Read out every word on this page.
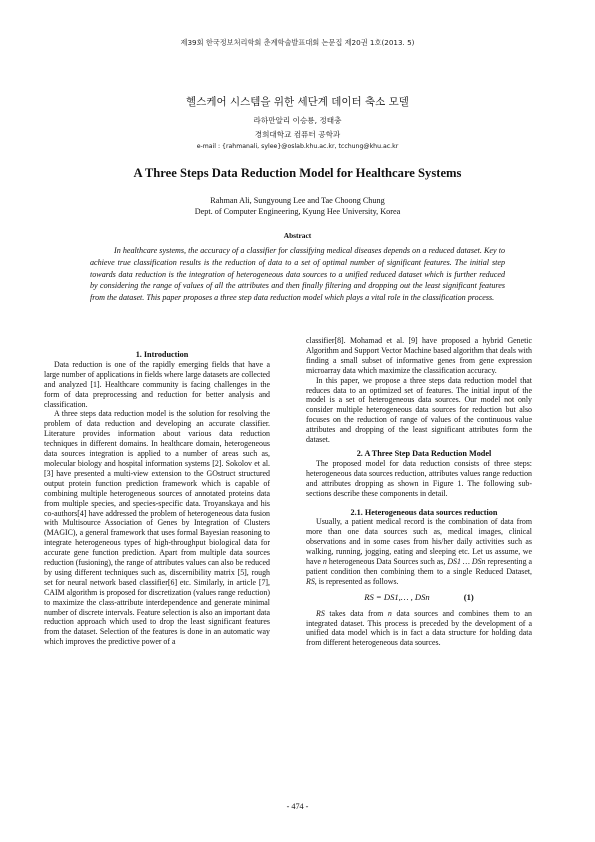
제39회 한국정보처리학회 춘계학술발표대회 논문집 제20권 1호(2013. 5)
헬스케어 시스템을 위한 세단계 데이터 축소 모델
라하만알리 이승룡, 정태충
경희대학교 컴퓨터 공학과
e-mail : {rahmanali, sylee}@oslab.khu.ac.kr, tcchung@khu.ac.kr
A Three Steps Data Reduction Model for Healthcare Systems
Rahman Ali, Sungyoung Lee and Tae Choong Chung
Dept. of Computer Engineering, Kyung Hee University, Korea
Abstract
In healthcare systems, the accuracy of a classifier for classifying medical diseases depends on a reduced dataset. Key to achieve true classification results is the reduction of data to a set of optimal number of significant features. The initial step towards data reduction is the integration of heterogeneous data sources to a unified reduced dataset which is further reduced by considering the range of values of all the attributes and then finally filtering and dropping out the least significant features from the dataset. This paper proposes a three step data reduction model which plays a vital role in the classification process.

1. Introduction

Data reduction is one of the rapidly emerging fields that have a large number of applications in fields where large datasets are collected and analyzed [1]. Healthcare community is facing challenges in the form of data preprocessing and reduction for better analysis and classification.

A three steps data reduction model is the solution for resolving the problem of data reduction and developing an accurate classifier. Literature provides information about various data reduction techniques in different domains. In healthcare domain, heterogeneous data sources integration is applied to a number of areas such as, molecular biology and hospital information systems [2]. Sokolov et al. [3] have presented a multi-view extension to the GOstruct structured output protein function prediction framework which is capable of combining multiple heterogeneous sources of annotated proteins data from multiple species, and species-specific data. Troyanskaya and his co-authors[4] have addressed the problem of heterogeneous data fusion with Multisource Association of Genes by Integration of Clusters (MAGIC), a general framework that uses formal Bayesian reasoning to integrate heterogeneous types of high-throughput biological data for accurate gene function prediction. Apart from multiple data sources reduction (fusioning), the range of attributes values can also be reduced by using different techniques such as, discernibility matrix [5], rough set for neural network based classifier[6] etc. Similarly, in article [7], CAIM algorithm is proposed for discretization (values range reduction) to maximize the class-attribute interdependence and generate minimal number of discrete intervals. Feature selection is also an important data reduction approach which used to drop the least significant features from the dataset. Selection of the features is done in an automatic way which improves the predictive power of a

classifier[8]. Mohamad et al. [9] have proposed a hybrid Genetic Algorithm and Support Vector Machine based algorithm that deals with finding a small subset of informative genes from gene expression microarray data which maximize the classification accuracy.

In this paper, we propose a three steps data reduction model that reduces data to an optimized set of features. The initial input of the model is a set of heterogeneous data sources. Our model not only consider multiple heterogeneous data sources for reduction but also focuses on the reduction of range of values of the continuous value attributes and dropping of the least significant attributes form the dataset.

2. A Three Step Data Reduction Model

The proposed model for data reduction consists of three steps: heterogeneous data sources reduction, attributes values range reduction and attributes dropping as shown in Figure 1. The following sub-sections describe these components in detail.

2.1. Heterogeneous data sources reduction

Usually, a patient medical record is the combination of data from more than one data sources such as, medical images, clinical observations and in some cases from his/her daily activities such as walking, running, jogging, eating and sleeping etc. Let us assume, we have n heterogeneous Data Sources such as, DS1 … DSn representing a patient condition then combining them to a single Reduced Dataset, RS, is represented as follows.

RS = DS1,… , DSn	(1)

RS takes data from n data sources and combines them to an integrated dataset. This process is preceded by the development of a unified data model which is in fact a data structure for holding data from different heterogeneous data sources.

- 474 -
